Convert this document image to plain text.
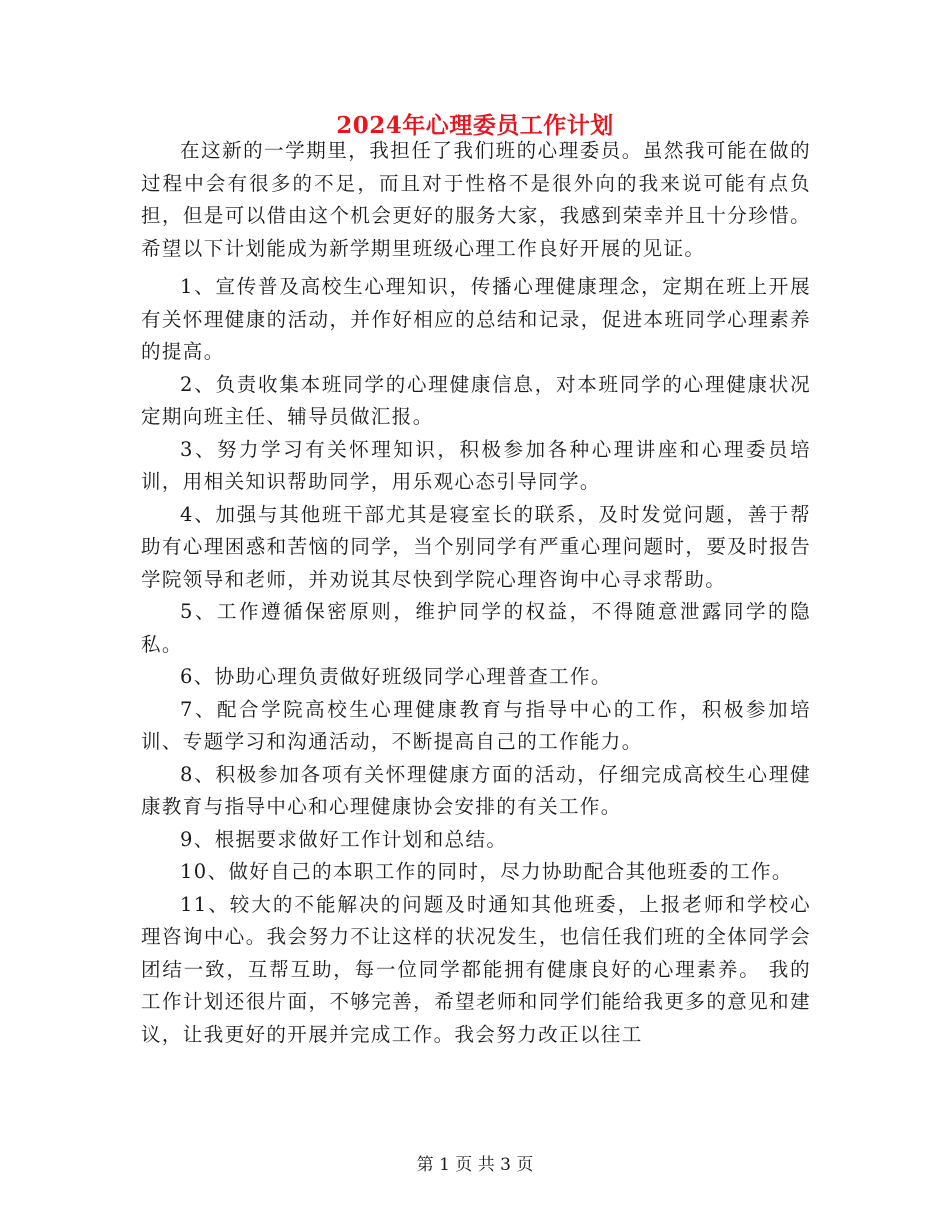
2024年心理委员工作计划

在这新的一学期里，我担任了我们班的心理委员。虽然我可能在做的过程中会有很多的不足，而且对于性格不是很外向的我来说可能有点负担，但是可以借由这个机会更好的服务大家，我感到荣幸并且十分珍惜。希望以下计划能成为新学期里班级心理工作良好开展的见证。

1、宣传普及高校生心理知识，传播心理健康理念，定期在班上开展有关怀理健康的活动，并作好相应的总结和记录，促进本班同学心理素养的提高。

2、负责收集本班同学的心理健康信息，对本班同学的心理健康状况定期向班主任、辅导员做汇报。

3、努力学习有关怀理知识，积极参加各种心理讲座和心理委员培训，用相关知识帮助同学，用乐观心态引导同学。

4、加强与其他班干部尤其是寝室长的联系，及时发觉问题，善于帮助有心理困惑和苦恼的同学，当个别同学有严重心理问题时，要及时报告学院领导和老师，并劝说其尽快到学院心理咨询中心寻求帮助。

5、工作遵循保密原则，维护同学的权益，不得随意泄露同学的隐私。

6、协助心理负责做好班级同学心理普查工作。

7、配合学院高校生心理健康教育与指导中心的工作，积极参加培训、专题学习和沟通活动，不断提高自己的工作能力。

8、积极参加各项有关怀理健康方面的活动，仔细完成高校生心理健康教育与指导中心和心理健康协会安排的有关工作。

9、根据要求做好工作计划和总结。

10、做好自己的本职工作的同时，尽力协助配合其他班委的工作。

11、较大的不能解决的问题及时通知其他班委，上报老师和学校心理咨询中心。我会努力不让这样的状况发生，也信任我们班的全体同学会团结一致，互帮互助，每一位同学都能拥有健康良好的心理素养。 我的工作计划还很片面，不够完善，希望老师和同学们能给我更多的意见和建议，让我更好的开展并完成工作。我会努力改正以往工

第 1 页 共 3 页
